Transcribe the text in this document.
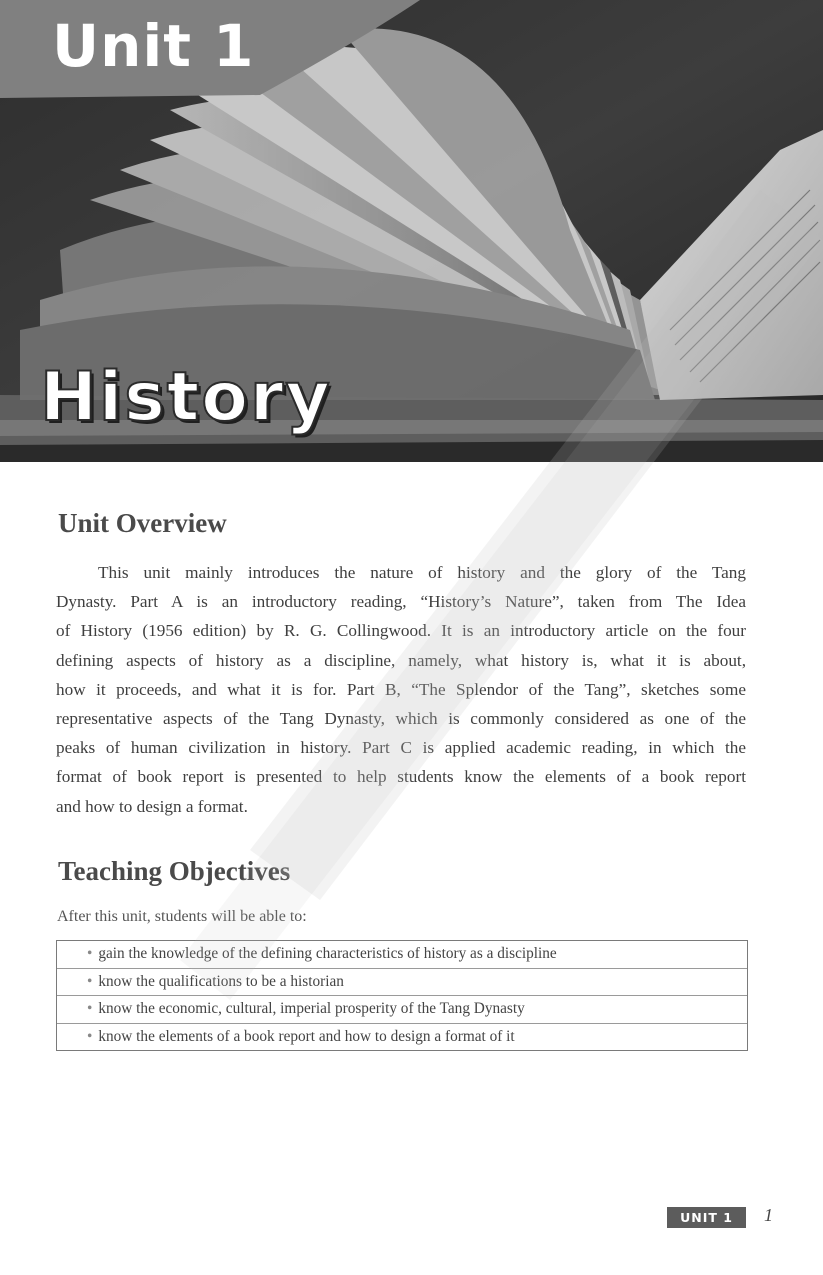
Unit 1
History
Unit Overview
This unit mainly introduces the nature of history and the glory of the Tang
Dynasty. Part A is an introductory reading, “History’s Nature”, taken from The Idea
of History (1956 edition) by R. G. Collingwood. It is an introductory article on the four
defining aspects of history as a discipline, namely, what history is, what it is about,
how it proceeds, and what it is for. Part B, “The Splendor of the Tang”, sketches some
representative aspects of the Tang Dynasty, which is commonly considered as one of the
peaks of human civilization in history. Part C is applied academic reading, in which the
format of book report is presented to help students know the elements of a book report
and how to design a format.
Teaching Objectives

After this unit, students will be able to:

• gain the knowledge of the defining characteristics of history as a discipline
• know the qualifications to be a historian
• know the economic, cultural, imperial prosperity of the Tang Dynasty
• know the elements of a book report and how to design a format of it
UNIT 1	1
